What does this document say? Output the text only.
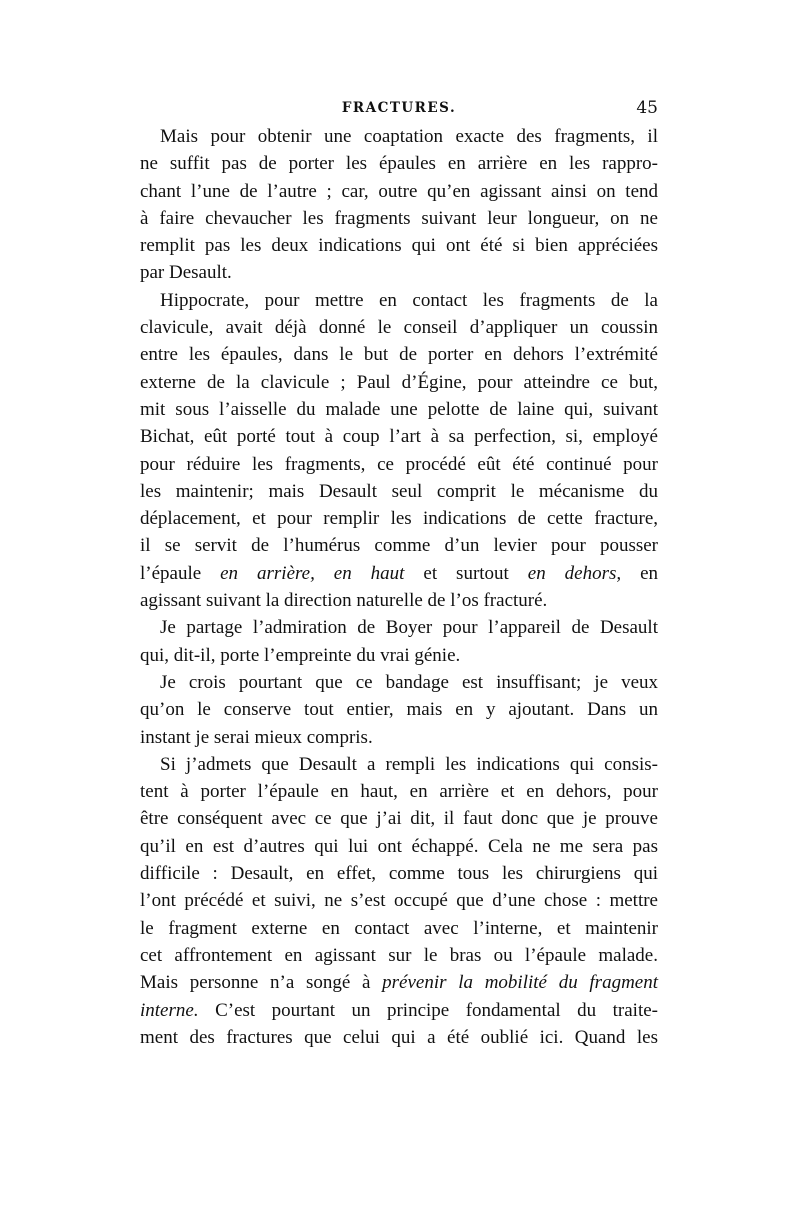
FRACTURES.	45
Mais pour obtenir une coaptation exacte des fragments, il
ne suffit pas de porter les épaules en arrière en les rappro-
chant l’une de l’autre ; car, outre qu’en agissant ainsi on tend
à faire chevaucher les fragments suivant leur longueur, on ne
remplit pas les deux indications qui ont été si bien appréciées
par Desault.
Hippocrate, pour mettre en contact les fragments de la
clavicule, avait déjà donné le conseil d’appliquer un coussin
entre les épaules, dans le but de porter en dehors l’extrémité
externe de la clavicule ; Paul d’Égine, pour atteindre ce but,
mit sous l’aisselle du malade une pelotte de laine qui, suivant
Bichat, eût porté tout à coup l’art à sa perfection, si, employé
pour réduire les fragments, ce procédé eût été continué pour
les maintenir; mais Desault seul comprit le mécanisme du
déplacement, et pour remplir les indications de cette fracture,
il se servit de l’humérus comme d’un levier pour pousser
l’épaule en arrière, en haut et surtout en dehors, en
agissant suivant la direction naturelle de l’os fracturé.
Je partage l’admiration de Boyer pour l’appareil de Desault
qui, dit-il, porte l’empreinte du vrai génie.
Je crois pourtant que ce bandage est insuffisant; je veux
qu’on le conserve tout entier, mais en y ajoutant. Dans un
instant je serai mieux compris.
Si j’admets que Desault a rempli les indications qui consis-
tent à porter l’épaule en haut, en arrière et en dehors, pour
être conséquent avec ce que j’ai dit, il faut donc que je prouve
qu’il en est d’autres qui lui ont échappé. Cela ne me sera pas
difficile : Desault, en effet, comme tous les chirurgiens qui
l’ont précédé et suivi, ne s’est occupé que d’une chose : mettre
le fragment externe en contact avec l’interne, et maintenir
cet affrontement en agissant sur le bras ou l’épaule malade.
Mais personne n’a songé à prévenir la mobilité du fragment
interne. C’est pourtant un principe fondamental du traite-
ment des fractures que celui qui a été oublié ici. Quand les
